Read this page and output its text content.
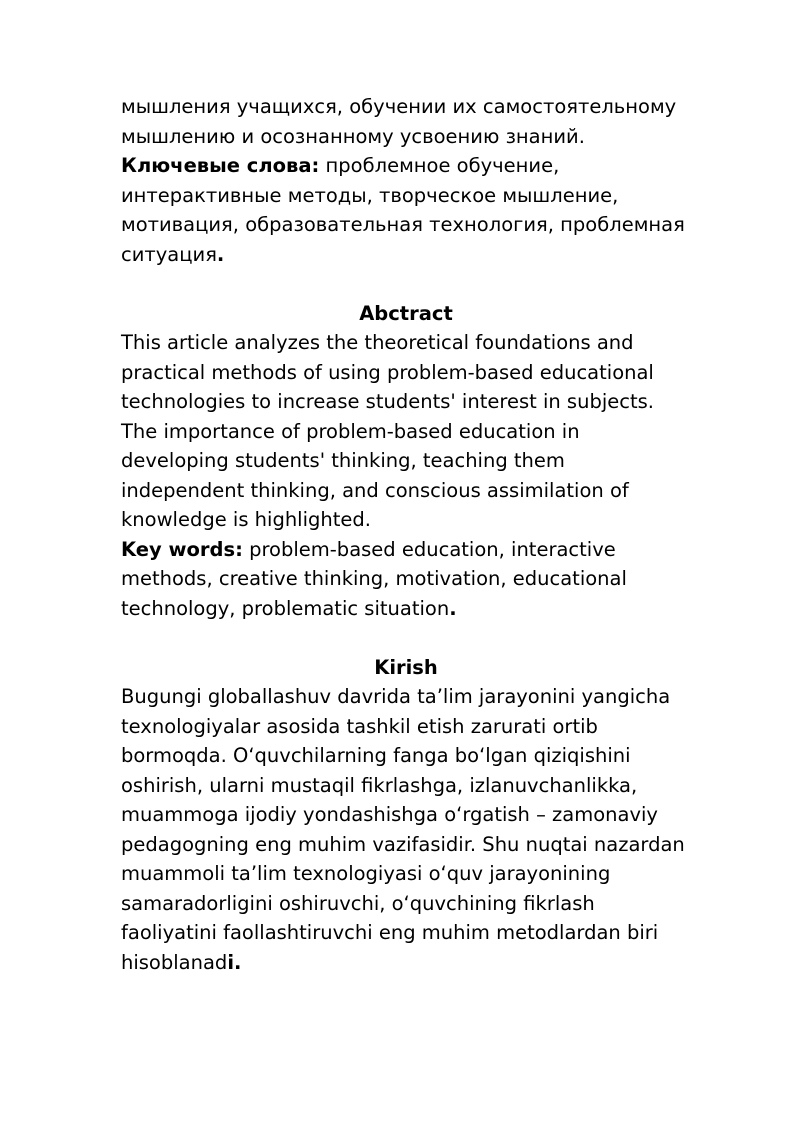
мышления учащихся, обучении их самостоятельному мышлению и осознанному усвоению знаний.

Ключевые слова: проблемное обучение, интерактивные методы, творческое мышление, мотивация, образовательная технология, проблемная ситуация.

Abctract

This article analyzes the theoretical foundations and practical methods of using problem-based educational technologies to increase students' interest in subjects. The importance of problem-based education in developing students' thinking, teaching them independent thinking, and conscious assimilation of knowledge is highlighted.

Key words: problem-based education, interactive methods, creative thinking, motivation, educational technology, problematic situation.

Kirish

Bugungi globallashuv davrida ta’lim jarayonini yangicha texnologiyalar asosida tashkil etish zarurati ortib bormoqda. O‘quvchilarning fanga bo‘lgan qiziqishini oshirish, ularni mustaqil fikrlashga, izlanuvchanlikka, muammoga ijodiy yondashishga o‘rgatish – zamonaviy pedagogning eng muhim vazifasidir. Shu nuqtai nazardan muammoli ta’lim texnologiyasi o‘quv jarayonining samaradorligini oshiruvchi, o‘quvchining fikrlash faoliyatini faollashtiruvchi eng muhim metodlardan biri hisoblanadi.
